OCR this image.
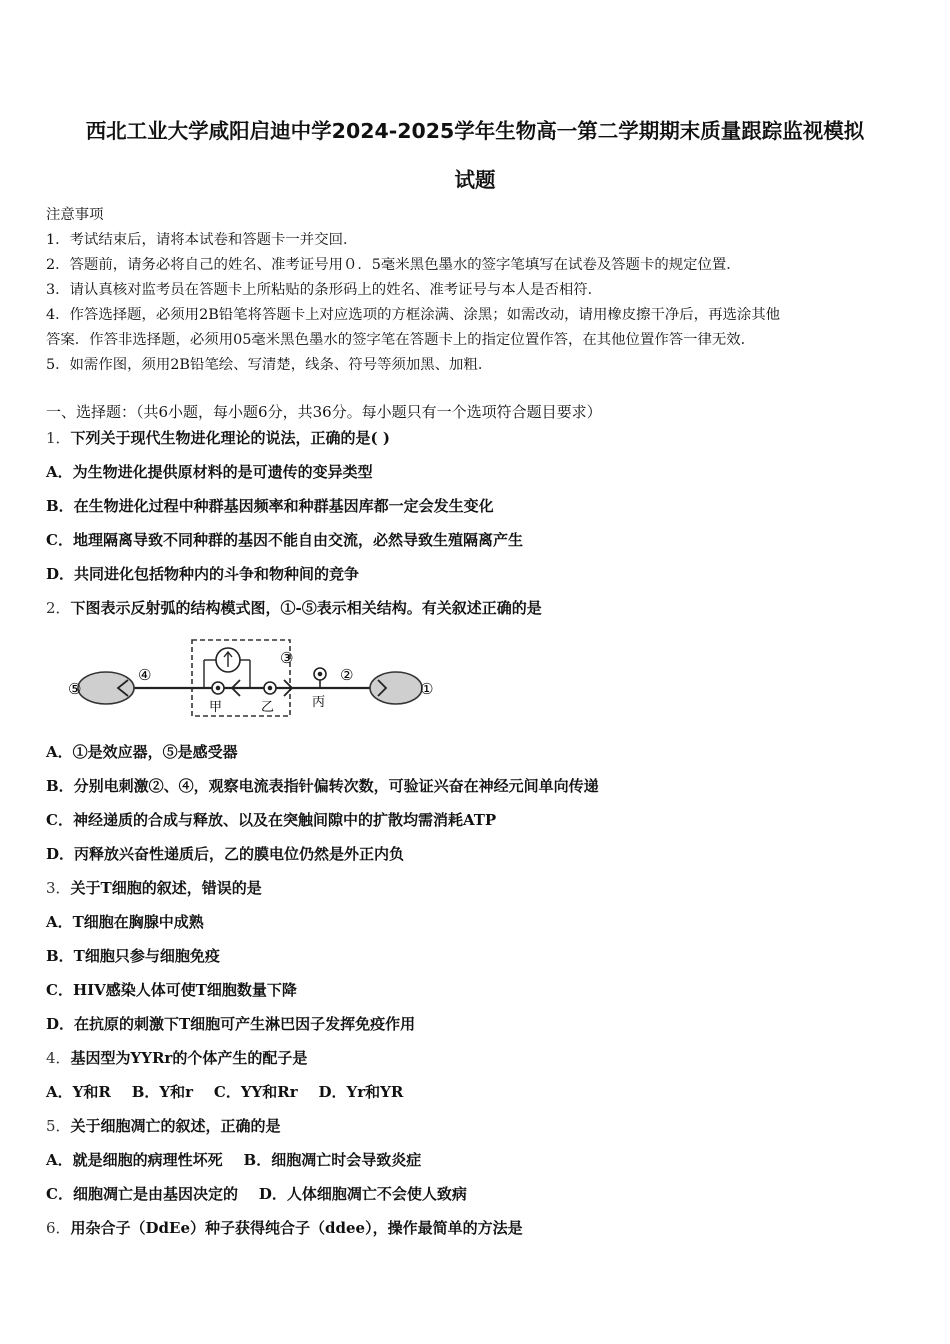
西北工业大学咸阳启迪中学2024-2025学年生物高一第二学期期末质量跟踪监视模拟
试题
注意事项
1．考试结束后，请将本试卷和答题卡一并交回．
2．答题前，请务必将自己的姓名、准考证号用０．5毫米黑色墨水的签字笔填写在试卷及答题卡的规定位置．
3．请认真核对监考员在答题卡上所粘贴的条形码上的姓名、准考证号与本人是否相符．
4．作答选择题，必须用2B铅笔将答题卡上对应选项的方框涂满、涂黑；如需改动，请用橡皮擦干净后，再选涂其他
答案．作答非选择题，必须用05毫米黑色墨水的签字笔在答题卡上的指定位置作答，在其他位置作答一律无效．
5．如需作图，须用2B铅笔绘、写清楚，线条、符号等须加黑、加粗．
一、选择题：（共6小题，每小题6分，共36分。每小题只有一个选项符合题目要求）
1．下列关于现代生物进化理论的说法，正确的是( )
A．为生物进化提供原材料的是可遗传的变异类型
B．在生物进化过程中种群基因频率和种群基因库都一定会发生变化
C．地理隔离导致不同种群的基因不能自由交流，必然导致生殖隔离产生
D．共同进化包括物种内的斗争和物种间的竞争
2．下图表示反射弧的结构模式图，①-⑤表示相关结构。有关叙述正确的是
⑤
④
③
②
①
甲	乙	丙
A．①是效应器，⑤是感受器
B．分别电刺激②、④，观察电流表指针偏转次数，可验证兴奋在神经元间单向传递
C．神经递质的合成与释放、以及在突触间隙中的扩散均需消耗ATP
D．丙释放兴奋性递质后，乙的膜电位仍然是外正内负
3．关于T细胞的叙述，错误的是
A．T细胞在胸腺中成熟
B．T细胞只参与细胞免疫
C．HIV感染人体可使T细胞数量下降
D．在抗原的刺激下T细胞可产生淋巴因子发挥免疫作用
4．基因型为YYRr的个体产生的配子是
A．Y和R    B．Y和r    C．YY和Rr    D．Yr和YR
5．关于细胞凋亡的叙述，正确的是
A．就是细胞的病理性坏死    B．细胞凋亡时会导致炎症
C．细胞凋亡是由基因决定的    D．人体细胞凋亡不会使人致病
6．用杂合子（DdEe）种子获得纯合子（ddee），操作最简单的方法是
